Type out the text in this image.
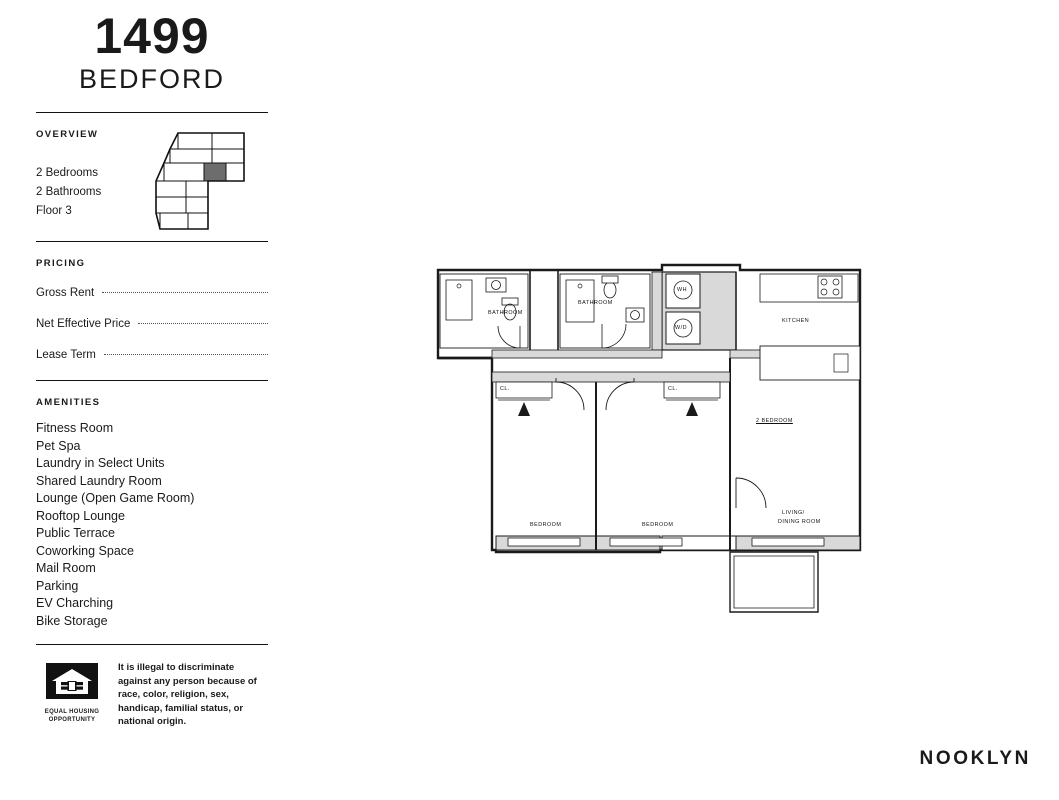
1499
BEDFORD
OVERVIEW
2 Bedrooms
2 Bathrooms
Floor 3
PRICING
Gross Rent
Net Effective Price
Lease Term
AMENITIES
Fitness Room
Pet Spa
Laundry in Select Units
Shared Laundry Room
Lounge (Open Game Room)
Rooftop Lounge
Public Terrace
Coworking Space
Mail Room
Parking
EV Charching
Bike Storage
EQUAL HOUSING
OPPORTUNITY
It is illegal to discriminate against any person because of race, color, religion, sex, handicap, familial status, or national origin.
NOOKLYN
BATHROOM
BATHROOM
WH
W/D
KITCHEN
CL.	CL.
2 BEDROOM
BEDROOM	BEDROOM
LIVING/
DINING ROOM
